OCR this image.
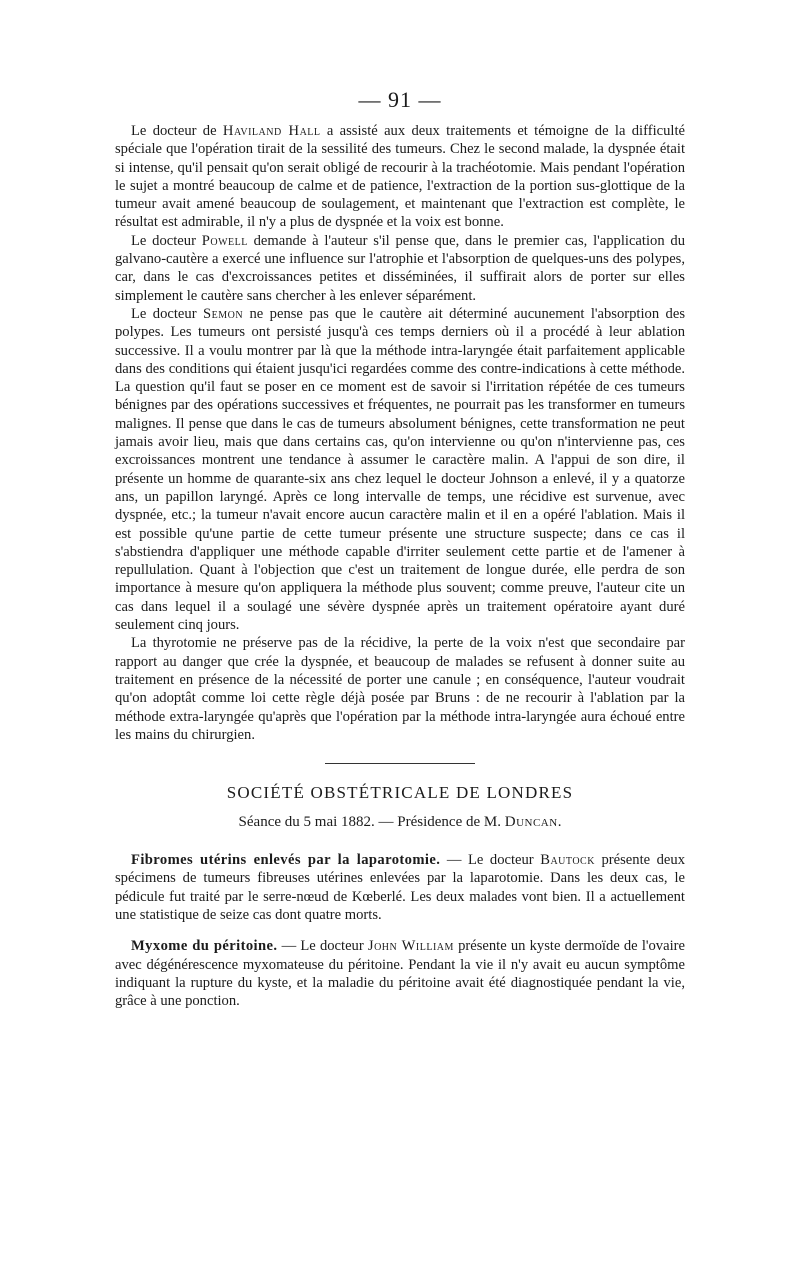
— 91 —

Le docteur de Haviland Hall a assisté aux deux traitements et témoigne de la difficulté spéciale que l'opération tirait de la sessilité des tumeurs. Chez le second malade, la dyspnée était si intense, qu'il pensait qu'on serait obligé de recourir à la trachéotomie. Mais pendant l'opération le sujet a montré beaucoup de calme et de patience, l'extraction de la portion sus-glottique de la tumeur avait amené beaucoup de soulagement, et maintenant que l'extraction est complète, le résultat est admirable, il n'y a plus de dyspnée et la voix est bonne.

Le docteur Powell demande à l'auteur s'il pense que, dans le premier cas, l'application du galvano-cautère a exercé une influence sur l'atrophie et l'absorption de quelques-uns des polypes, car, dans le cas d'excroissances petites et disséminées, il suffirait alors de porter sur elles simplement le cautère sans chercher à les enlever séparément.

Le docteur Semon ne pense pas que le cautère ait déterminé aucunement l'absorption des polypes. Les tumeurs ont persisté jusqu'à ces temps derniers où il a procédé à leur ablation successive. Il a voulu montrer par là que la méthode intra-laryngée était parfaitement applicable dans des conditions qui étaient jusqu'ici regardées comme des contre-indications à cette méthode. La question qu'il faut se poser en ce moment est de savoir si l'irritation répétée de ces tumeurs bénignes par des opérations successives et fréquentes, ne pourrait pas les transformer en tumeurs malignes. Il pense que dans le cas de tumeurs absolument bénignes, cette transformation ne peut jamais avoir lieu, mais que dans certains cas, qu'on intervienne ou qu'on n'intervienne pas, ces excroissances montrent une tendance à assumer le caractère malin. A l'appui de son dire, il présente un homme de quarante-six ans chez lequel le docteur Johnson a enlevé, il y a quatorze ans, un papillon laryngé. Après ce long intervalle de temps, une récidive est survenue, avec dyspnée, etc.; la tumeur n'avait encore aucun caractère malin et il en a opéré l'ablation. Mais il est possible qu'une partie de cette tumeur présente une structure suspecte; dans ce cas il s'abstiendra d'appliquer une méthode capable d'irriter seulement cette partie et de l'amener à repullulation. Quant à l'objection que c'est un traitement de longue durée, elle perdra de son importance à mesure qu'on appliquera la méthode plus souvent; comme preuve, l'auteur cite un cas dans lequel il a soulagé une sévère dyspnée après un traitement opératoire ayant duré seulement cinq jours.

La thyrotomie ne préserve pas de la récidive, la perte de la voix n'est que secondaire par rapport au danger que crée la dyspnée, et beaucoup de malades se refusent à donner suite au traitement en présence de la nécessité de porter une canule ; en conséquence, l'auteur voudrait qu'on adoptât comme loi cette règle déjà posée par Bruns : de ne recourir à l'ablation par la méthode extra-laryngée qu'après que l'opération par la méthode intra-laryngée aura échoué entre les mains du chirurgien.

SOCIÉTÉ OBSTÉTRICALE DE LONDRES
Séance du 5 mai 1882. — Présidence de M. Duncan.

Fibromes utérins enlevés par la laparotomie. — Le docteur Bautock présente deux spécimens de tumeurs fibreuses utérines enlevées par la laparotomie. Dans les deux cas, le pédicule fut traité par le serre-nœud de Kœberlé. Les deux malades vont bien. Il a actuellement une statistique de seize cas dont quatre morts.

Myxome du péritoine. — Le docteur John William présente un kyste dermoïde de l'ovaire avec dégénérescence myxomateuse du péritoine. Pendant la vie il n'y avait eu aucun symptôme indiquant la rupture du kyste, et la maladie du péritoine avait été diagnostiquée pendant la vie, grâce à une ponction.
